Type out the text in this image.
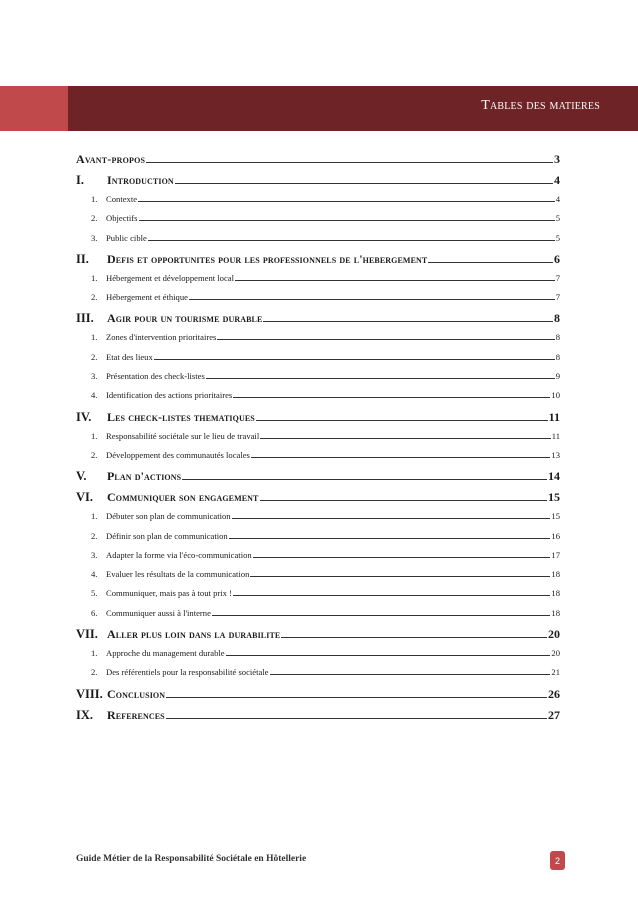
Tables des matieres
Avant-propos	3
I.	Introduction	4
1. Contexte	4
2. Objectifs	5
3. Public cible	5
II.	Defis et opportunites pour les professionnels de l'hebergement	6
1. Hébergement et développement local	7
2. Hébergement et éthique	7
III.	Agir pour un tourisme durable	8
1. Zones d'intervention prioritaires	8
2. Etat des lieux	8
3. Présentation des check-listes	9
4. Identification des actions prioritaires	10
IV.	Les check-listes thematiques	11
1. Responsabilité sociétale sur le lieu de travail	11
2. Développement des communautés locales	13
V.	Plan d'actions	14
VI.	Communiquer son engagement	15
1. Débuter son plan de communication	15
2. Définir son plan de communication	16
3. Adapter la forme via l'éco-communication	17
4. Evaluer les résultats de la communication	18
5. Communiquer, mais pas à tout prix !	18
6. Communiquer aussi à l'interne	18
VII. Aller plus loin dans la durabilite	20
1. Approche du management durable	20
2. Des référentiels pour la responsabilité sociétale	21
VIII. Conclusion	26
IX.	References	27
Guide Métier de la Responsabilité Sociétale en Hôtellerie	2
